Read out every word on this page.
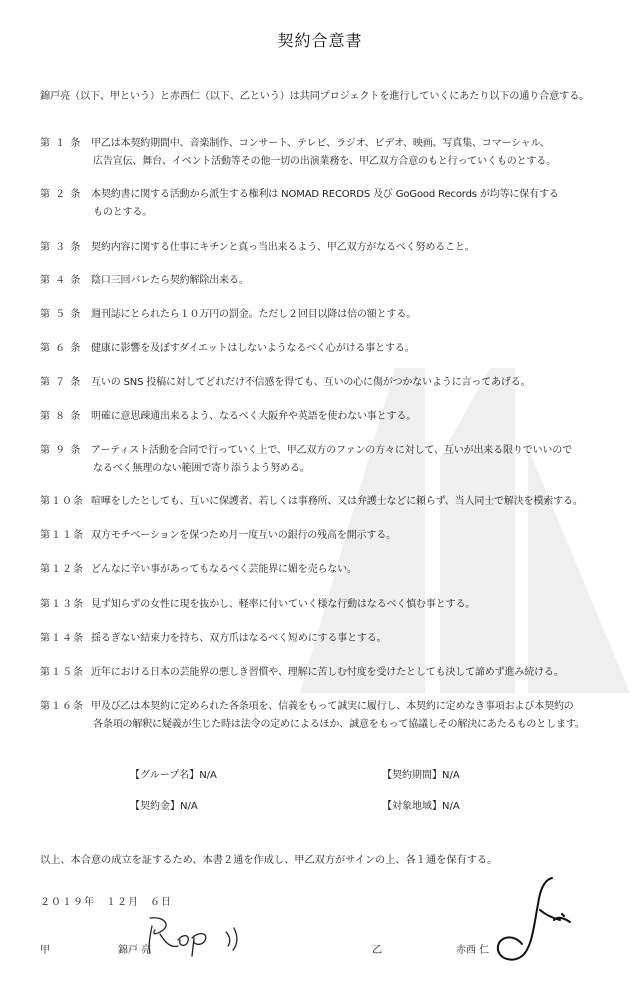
契約合意書
錦戸亮（以下、甲という）と赤西仁（以下、乙という）は共同プロジェクトを進行していくにあたり以下の通り合意する。
第 １ 条 甲乙は本契約期間中、音楽制作、コンサート、テレビ、ラジオ、ビデオ、映画、写真集、コマーシャル、
広告宣伝、舞台、イベント活動等その他一切の出演業務を、甲乙双方合意のもと行っていくものとする。
第 ２ 条 本契約書に関する活動から派生する権利は NOMAD RECORDS 及び GoGood Records が均等に保有する
ものとする。
第 ３ 条 契約内容に関する仕事にキチンと真っ当出来るよう、甲乙双方がなるべく努めること。
第 ４ 条 陰口三回バレたら契約解除出来る。
第 ５ 条 週刊誌にとられたら１０万円の罰金。ただし２回目以降は倍の額とする。
第 ６ 条 健康に影響を及ぼすダイエットはしないようなるべく心がける事とする。
第 ７ 条 互いの SNS 投稿に対してどれだけ不信感を得ても、互いの心に傷がつかないように言ってあげる。
第 ８ 条 明確に意思疎通出来るよう、なるべく大阪弁や英語を使わない事とする。
第 ９ 条 アーティスト活動を合同で行っていく上で、甲乙双方のファンの方々に対して、互いが出来る限りでいいので
なるべく無理のない範囲で寄り添うよう努める。
第１０条 喧嘩をしたとしても、互いに保護者、若しくは事務所、又は弁護士などに頼らず、当人同士で解決を模索する。
第１１条 双方モチベーションを保つため月一度互いの銀行の残高を開示する。
第１２条 どんなに辛い事があってもなるべく芸能界に媚を売らない。
第１３条 見ず知らずの女性に現を抜かし、軽率に付いていく様な行動はなるべく慎む事とする。
第１４条 揺るぎない結束力を持ち、双方爪はなるべく短めにする事とする。
第１５条 近年における日本の芸能界の悪しき習慣や、理解に苦しむ忖度を受けたとしても決して諦めず進み続ける。
第１６条 甲及び乙は本契約に定められた各条項を、信義をもって誠実に履行し、本契約に定めなき事項および本契約の
各条項の解釈に疑義が生じた時は法令の定めによるほか、誠意をもって協議しその解決にあたるものとします。
【グループ名】N/A	【契約期間】N/A
【契約金】N/A	【対象地域】N/A
以上、本合意の成立を証するため、本書２通を作成し、甲乙双方がサインの上、各１通を保有する。
２０１９年　１２月　６日
甲	錦戸 亮	乙	赤西 仁
